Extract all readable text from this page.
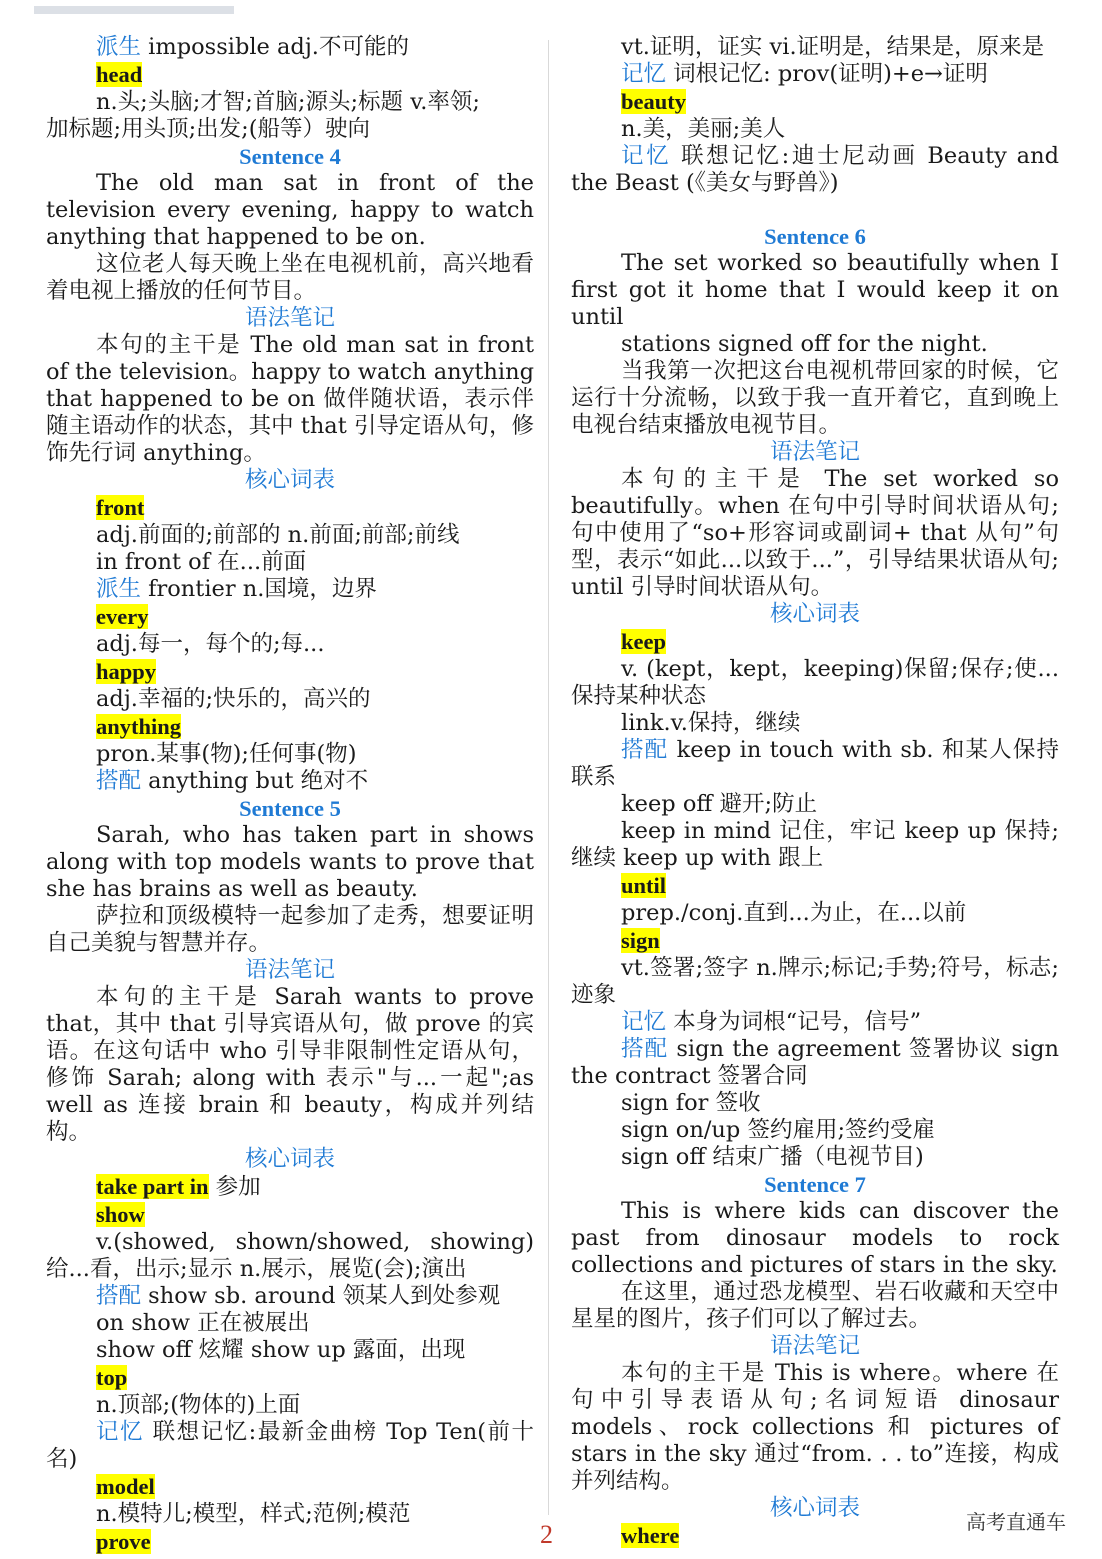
派生 impossible adj.不可能的
head
n.头;头脑;才智;首脑;源头;标题 v.率领;
加标题;用头顶;出发;(船等）驶向
Sentence 4
The old man sat in front of the television every evening, happy to watch anything that happened to be on.
这位老人每天晚上坐在电视机前，高兴地看着电视上播放的任何节目。
语法笔记
本句的主干是 The old man sat in front of the television。happy to watch anything that happened to be on 做伴随状语，表示伴随主语动作的状态，其中 that 引导定语从句，修饰先行词 anything。
核心词表
front
adj.前面的;前部的 n.前面;前部;前线
in front of 在...前面
派生 frontier n.国境，边界
every
adj.每一，每个的;每...
happy
adj.幸福的;快乐的，高兴的
anything
pron.某事(物);任何事(物)
搭配 anything but 绝对不
Sentence 5
Sarah, who has taken part in shows along with top models wants to prove that she has brains as well as beauty.
萨拉和顶级模特一起参加了走秀，想要证明自己美貌与智慧并存。
语法笔记
本句的主干是 Sarah wants to prove that，其中 that 引导宾语从句，做 prove 的宾语。在这句话中 who 引导非限制性定语从句，修饰 Sarah; along with 表示"与...一起";as well as 连接 brain 和 beauty，构成并列结构。
核心词表
take part in 参加
show
v.(showed, shown/showed, showing) 给...看，出示;显示 n.展示，展览(会);演出
搭配 show sb. around 领某人到处参观
on show 正在被展出
show off 炫耀 show up 露面，出现
top
n.顶部;(物体的)上面
记忆 联想记忆:最新金曲榜 Top Ten(前十名)
model
n.模特儿;模型，样式;范例;模范
prove
vt.证明，证实 vi.证明是，结果是，原来是
记忆 词根记忆: prov(证明)+e→证明
beauty
n.美，美丽;美人
记忆 联想记忆:迪士尼动画 Beauty and the Beast (《美女与野兽》)
Sentence 6
The set worked so beautifully when I first got it home that I would keep it on until
stations signed off for the night.
当我第一次把这台电视机带回家的时候，它运行十分流畅，以致于我一直开着它，直到晚上电视台结束播放电视节目。
语法笔记
本句的主干是 The set worked so beautifully。when 在句中引导时间状语从句;句中使用了“so+形容词或副词+ that 从句”句型，表示“如此...以致于...”，引导结果状语从句; until 引导时间状语从句。
核心词表
keep
v. (kept，kept，keeping)保留;保存;使...保持某种状态
link.v.保持，继续
搭配 keep in touch with sb. 和某人保持联系
keep off 避开;防止
keep in mind 记住，牢记 keep up 保持;继续 keep up with 跟上
until
prep./conj.直到...为止，在...以前
sign
vt.签署;签字 n.牌示;标记;手势;符号，标志;迹象
记忆 本身为词根“记号，信号”
搭配 sign the agreement 签署协议 sign the contract 签署合同
sign for 签收
sign on/up 签约雇用;签约受雇
sign off 结束广播（电视节目)
Sentence 7
This is where kids can discover the past from dinosaur models to rock collections and pictures of stars in the sky.
在这里，通过恐龙模型、岩石收藏和天空中星星的图片，孩子们可以了解过去。
语法笔记
本句的主干是 This is where。where 在句中引导表语从句;名词短语 dinosaur models、rock collections 和 pictures of stars in the sky 通过“from. . . to”连接，构成并列结构。
核心词表
where
2	高考直通车
